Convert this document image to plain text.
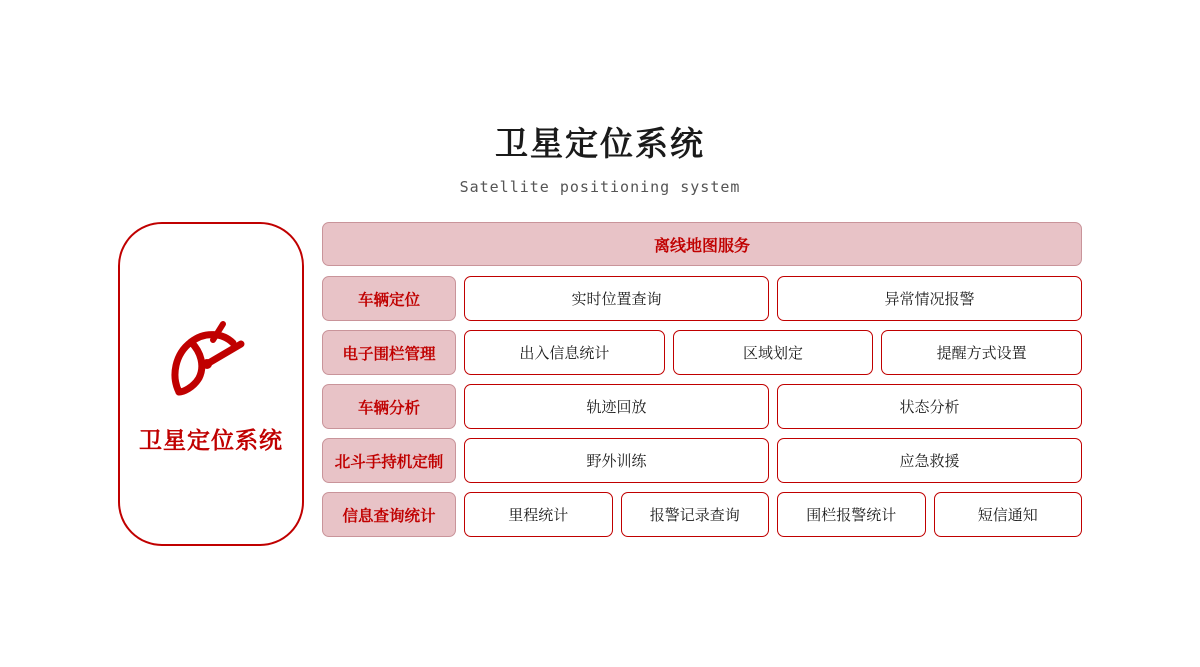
卫星定位系统
Satellite positioning system
卫星定位系统
离线地图服务
车辆定位	实时位置查询	异常情况报警
电子围栏管理	出入信息统计	区域划定	提醒方式设置
车辆分析	轨迹回放	状态分析
北斗手持机定制	野外训练	应急救援
信息查询统计	里程统计	报警记录查询	围栏报警统计	短信通知
